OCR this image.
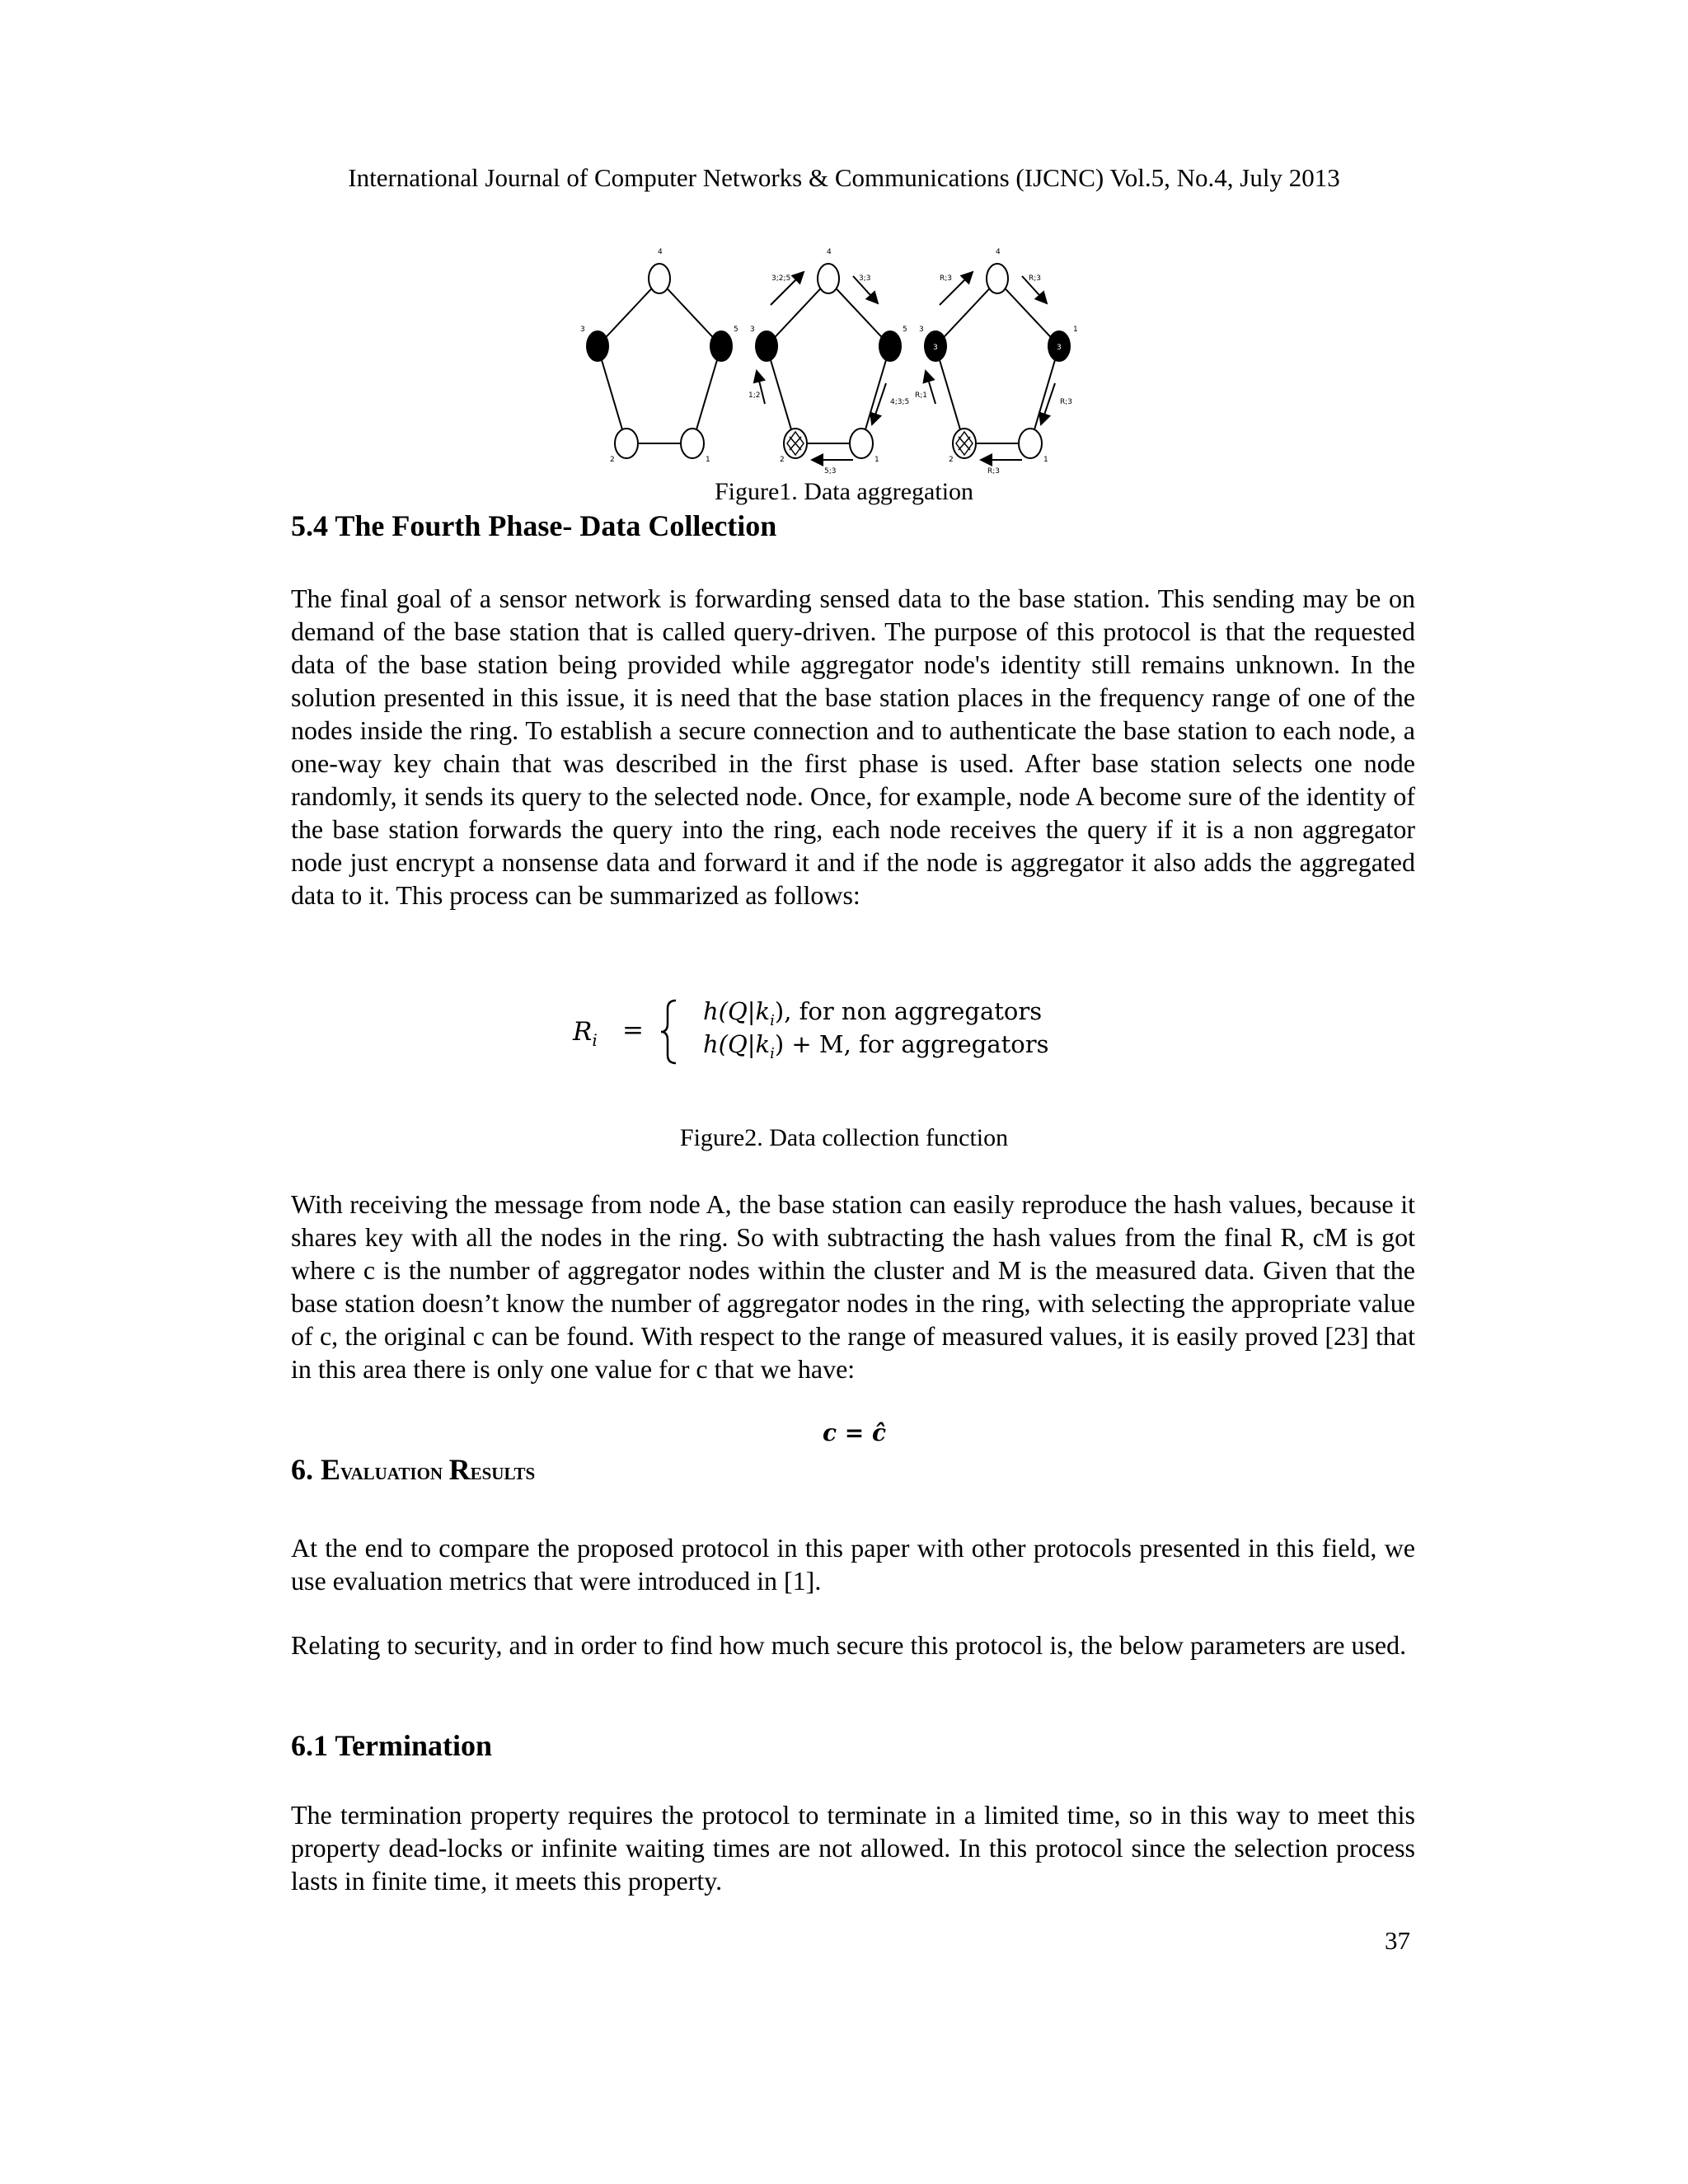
International Journal of Computer Networks & Communications (IJCNC) Vol.5, No.4, July 2013
4
3	5
2	1
4
3	5
2	1
3;2;5	3;3
1;2
4;3;5
5;3
4
3	1
2	1
3	3
R;3	R;3
R;1
R;3
R;3
Figure1. Data aggregation
5.4 The Fourth Phase- Data Collection

The final goal of a sensor network is forwarding sensed data to the base station. This sending may be on demand of the base station that is called query-driven. The purpose of this protocol is that the requested data of the base station being provided while aggregator node's identity still remains unknown. In the solution presented in this issue, it is need that the base station places in the frequency range of one of the nodes inside the ring. To establish a secure connection and to authenticate the base station to each node, a one-way key chain that was described in the first phase is used. After base station selects one node randomly, it sends its query to the selected node. Once, for example, node A become sure of the identity of the base station forwards the query into the ring, each node receives the query if it is a non aggregator node just encrypt a nonsense data and forward it and if the node is aggregator it also adds the aggregated data to it. This process can be summarized as follows:

$R_i$ =
$h(Q|k_i)$, for non aggregators
$h(Q|k_i) + M$, for aggregators
Figure2. Data collection function

With receiving the message from node A, the base station can easily reproduce the hash values, because it shares key with all the nodes in the ring. So with subtracting the hash values from the final R, cM is got where c is the number of aggregator nodes within the cluster and M is the measured data. Given that the base station doesn’t know the number of aggregator nodes in the ring, with selecting the appropriate value of c, the original c can be found. With respect to the range of measured values, it is easily proved [23] that in this area there is only one value for c that we have:

c = ĉ
6. Evaluation Results

At the end to compare the proposed protocol in this paper with other protocols presented in this field, we use evaluation metrics that were introduced in [1].

Relating to security, and in order to find how much secure this protocol is, the below parameters are used.

6.1 Termination

The termination property requires the protocol to terminate in a limited time, so in this way to meet this property dead-locks or infinite waiting times are not allowed. In this protocol since the selection process lasts in finite time, it meets this property.

37
